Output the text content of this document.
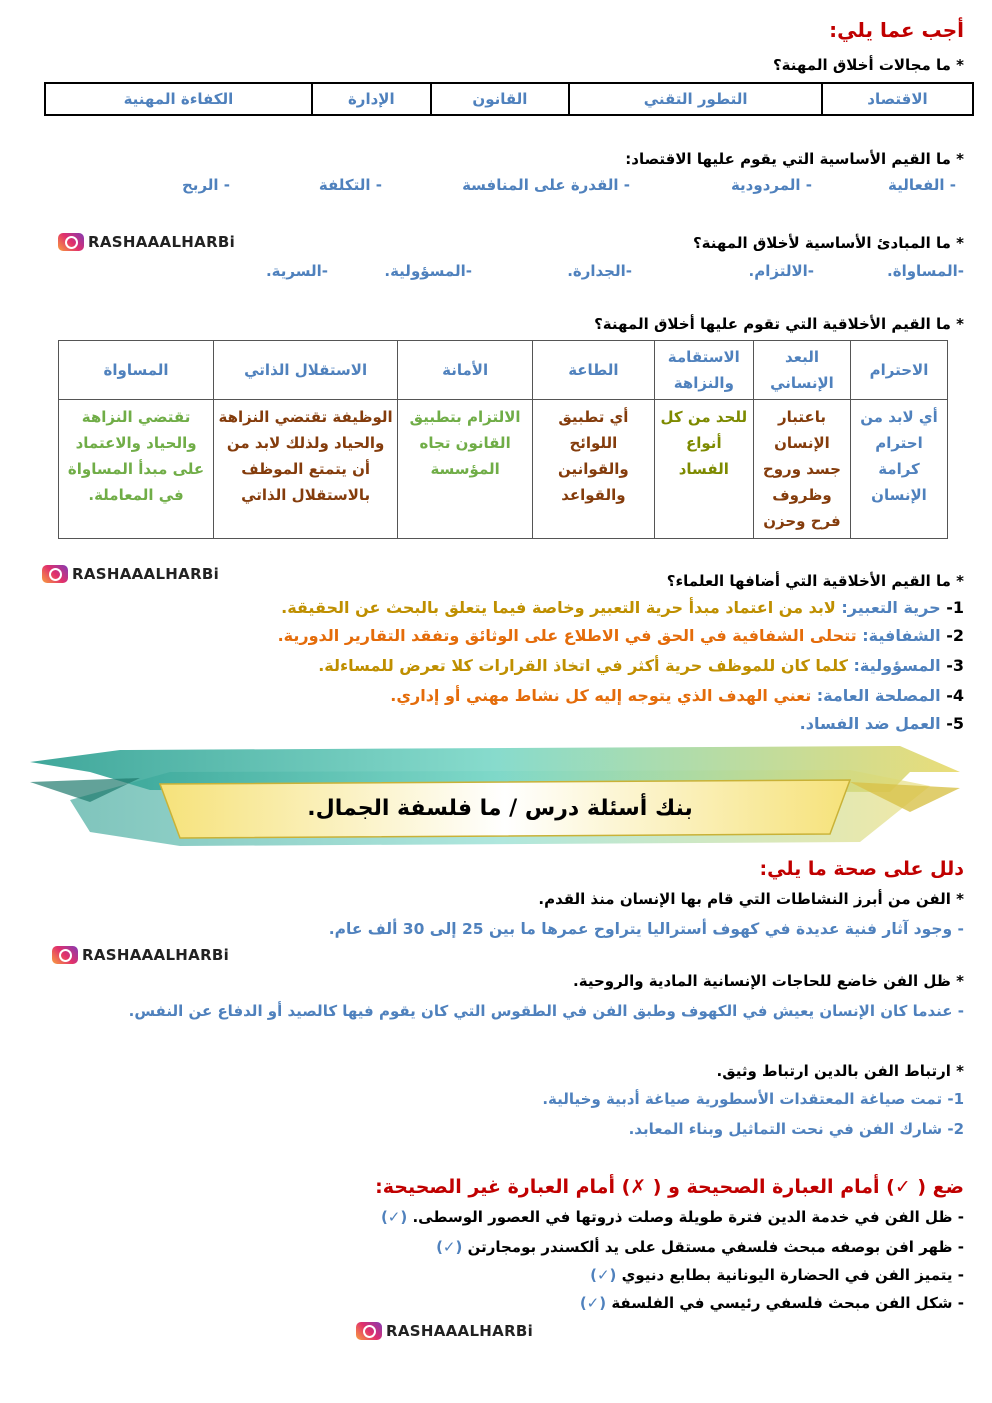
أجب عما يلي:
* ما مجالات أخلاق المهنة؟
الاقتصاد	التطور التقني	القانون	الإدارة	الكفاءة المهنية
* ما القيم الأساسية التي يقوم عليها الاقتصاد:
- الفعالية
- المردودية
- القدرة على المنافسة
- التكلفة
- الربح
RASHAAALHARBi	* ما المبادئ الأساسية لأخلاق المهنة؟
-المساواة.
-الالتزام.
-الجدارة.
-المسؤولية.
-السرية.
* ما القيم الأخلاقية التي تقوم عليها أخلاق المهنة؟
الاحترام	البعد الإنساني	الاستقامة والنزاهة	الطاعة	الأمانة	الاستقلال الذاتي	المساواة
أي لابد من احترام كرامة الإنسان	باعتبار الإنسان جسد وروح وظروف فرح وحزن	للحد من كل أنواع الفساد	أي تطبيق اللوائح والقوانين والقواعد	الالتزام بتطبيق القانون تجاه المؤسسة	الوظيفة تقتضي النزاهة والحياد ولذلك لابد من أن يتمتع الموظف بالاستقلال الذاتي	تقتضي النزاهة والحياد والاعتماد على مبدأ المساواة في المعاملة.
RASHAAALHARBi	* ما القيم الأخلاقية التي أضافها العلماء؟
1- حرية التعبير: لابد من اعتماد مبدأ حرية التعبير وخاصة فيما يتعلق بالبحث عن الحقيقة.
2- الشفافية: تتحلى الشفافية في الحق في الاطلاع على الوثائق وتفقد التقارير الدورية.
3- المسؤولية: كلما كان للموظف حرية أكثر في اتخاذ القرارات كلا تعرض للمساءلة.
4- المصلحة العامة: تعني الهدف الذي يتوجه إليه كل نشاط مهني أو إداري.
5- العمل ضد الفساد.
بنك أسئلة درس / ما فلسفة الجمال.
دلل على صحة ما يلي:
* الفن من أبرز النشاطات التي قام بها الإنسان منذ القدم.
- وجود آثار فنية عديدة في كهوف أستراليا يتراوح عمرها ما بين 25 إلى 30 ألف عام.
RASHAAALHARBi
* ظل الفن خاضع للحاجات الإنسانية المادية والروحية.
- عندما كان الإنسان يعيش في الكهوف وطبق الفن في الطقوس التي كان يقوم فيها كالصيد أو الدفاع عن النفس.
* ارتباط الفن بالدين ارتباط وثيق.
1- تمت صياغة المعتقدات الأسطورية صياغة أدبية وخيالية.
2- شارك الفن في نحت التماثيل وبناء المعابد.
ضع ( ✓) أمام العبارة الصحيحة و ( ✗) أمام العبارة غير الصحيحة:
- ظل الفن في خدمة الدين فترة طويلة وصلت ذروتها في العصور الوسطى. (✓)
- ظهر افن بوصفه مبحث فلسفي مستقل على يد ألكسندر بومجارتن (✓)
- يتميز الفن في الحضارة اليونانية بطابع دنيوي (✓)
- شكل الفن مبحث فلسفي رئيسي في الفلسفة (✓)
RASHAAALHARBi
